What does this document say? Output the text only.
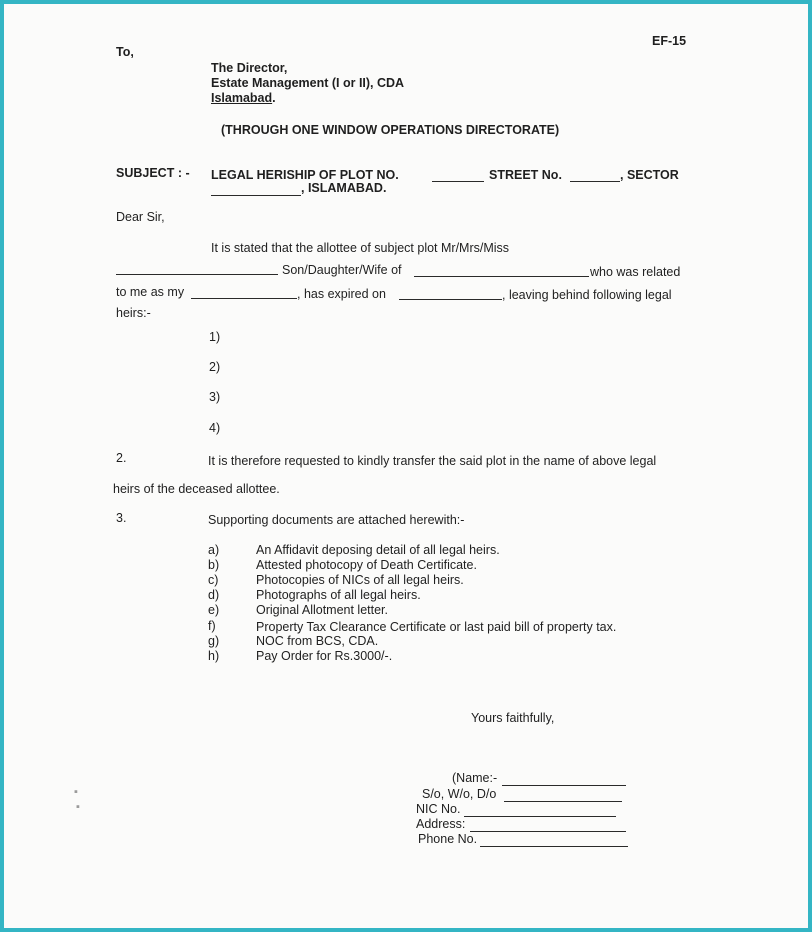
EF-15
To,
The Director,
Estate Management (I or II), CDA
Islamabad.
(THROUGH ONE WINDOW OPERATIONS DIRECTORATE)
SUBJECT : - LEGAL HERISHIP OF PLOT NO.	STREET No.	, SECTOR
, ISLAMABAD.
Dear Sir,
It is stated that the allottee of subject plot Mr/Mrs/Miss
Son/Daughter/Wife of	who was related
to me as my	, has expired on	, leaving behind following legal
heirs:-
1)
2)
3)
4)
2.	It is therefore requested to kindly transfer the said plot in the name of above legal
heirs of the deceased allottee.
3.	Supporting documents are attached herewith:-
a)	An Affidavit deposing detail of all legal heirs.
b)	Attested photocopy of Death Certificate.
c)	Photocopies of NICs of all legal heirs.
d)	Photographs of all legal heirs.
e)	Original Allotment letter.
f)	Property Tax Clearance Certificate or last paid bill of property tax.
g)	NOC from BCS, CDA.
h)	Pay Order for Rs.3000/-.
Yours faithfully,
(Name:-
S/o, W/o, D/o
NIC No.
Address:
Phone No.
▪
▪
